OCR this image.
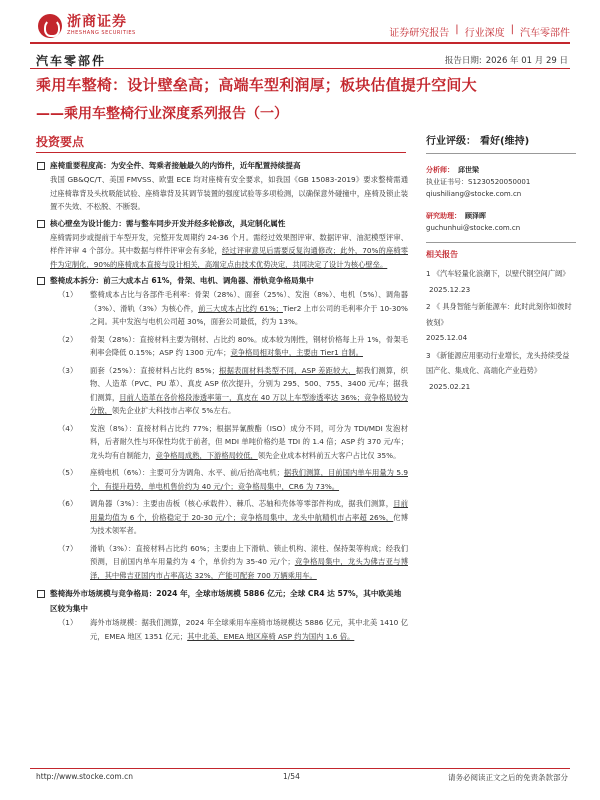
浙商证券
ZHESHANG SECURITIES	证券研究报告 | 行业深度 | 汽车零部件
汽车零部件	报告日期: 2026 年 01 月 29 日
乘用车整椅：设计壁垒高；高端车型利润厚；板块估值提升空间大
——乘用车整椅行业深度系列报告（一）
投资要点
座椅重要程度高：为安全件、驾乘者接触最久的内饰件，近年配置持续提高
我国 GB&QC/T、美国 FMVSS、欧盟 ECE 均对座椅有安全要求，如我国《GB 15083-2019》要求整椅需通过座椅靠背及头枕吸能试验、座椅靠背及其调节装置的强度试验等多项检测，以确保意外碰撞中，座椅及锁止装置不失效、不松脱、不断裂。
核心壁垒为设计能力：需与整车同步开发并经多轮修改，具定制化属性
座椅需同步或提前于车型开发，完整开发周期约 24-36 个月。需经过效果图评审、数据评审、油泥模型评审、样件评审 4 个部分。其中数据与样件评审会有多轮，经过评审意见后需要反复沟通修改；此外，70%的座椅零件为定制化，90%的座椅成本直接与设计相关，高端定点由技术优势决定，共同决定了设计为核心壁垒。
整椅成本拆分：前三大成本占 61%，骨架、电机、调角器、滑轨竞争格局集中
（1） 整椅成本占比与各部件毛利率：骨架（28%）、面套（25%）、发泡（8%）、电机（5%）、调角器（3%）、滑轨（3%）为核心件，前三大成本占比约 61%；Tier2 上市公司的毛利率介于 10-30%之间。其中发泡与电机公司超 30%，面套公司最低，约为 13%。
（2） 骨架（28%）：直接材料主要为钢材、占比约 80%。成本较为刚性，钢材价格每上升 1%，骨架毛利率会降低 0.15%；ASP 约 1300 元/车；竞争格局相对集中，主要由 Tier1 自制。
（3） 面套（25%）：直接材料占比约 85%；根据表面材料类型不同，ASP 差距较大，据我们测算，织物、人造革（PVC、PU 革）、真皮 ASP 依次提升，分别为 295、500、755、3400 元/车；据我们测算，目前人造革在各价格段渗透率第一，真皮在 40 万以上车型渗透率达 36%；竞争格局较为分散，领先企业扩大科技市占率仅 5%左右。
（4） 发泡（8%）：直接材料占比约 77%；根据异氰酸酯（ISO）成分不同，可分为 TDI/MDI 发泡材料，后者耐久性与环保性均优于前者，但 MDI 单吨价格约是 TDI 的 1.4 倍；ASP 约 370 元/车；龙头均有自制能力，竞争格局成熟，下游格局较低，领先企业成本材料前五大客户占比仅 35%。
（5） 座椅电机（6%）：主要可分为调角、水平、前/后抬高电机；据我们测算，目前国内单车用量为 5.9 个，有提升趋势，单电机售价约为 40 元/个；竞争格局集中，CR6 为 73%。
（6） 调角器（3%）：主要由齿板（核心承载件）、棘爪、芯轴和壳体等零部件构成，据我们测算，目前用量均值为 6 个，价格稳定于 20-30 元/个；竞争格局集中，龙头中航精机市占率超 26%，佗博为技术领军者。
（7） 滑轨（3%）：直接材料占比约 60%；主要由上下滑轨、锁止机构、滚柱、保持架等构成；经我们预测，目前国内单车用量约为 4 个，单价约为 35-40 元/个；竞争格局集中，龙头为佛吉亚与博泽，其中佛吉亚国内市占率高达 32%，产能可配套 700 万辆乘用车。
整椅海外市场规模与竞争格局：2024 年，全球市场规模 5886 亿元；全球 CR4 达 57%，其中欧美地区较为集中
（1） 海外市场规模：据我们测算，2024 年全球乘用车座椅市场规模达 5886 亿元，其中北美 1410 亿元，EMEA 地区 1351 亿元；其中北美、EMEA 地区座椅 ASP 约为国内 1.6 倍。
行业评级： 看好(维持)
分析师： 邱世梁
执业证书号：S1230520050001
qiushiliang@stocke.com.cn
研究助理： 顾泽晖
guchunhui@stocke.com.cn
相关报告
1 《汽车轻量化浪潮下，以壁代钢空间广阔》2025.12.23
2 《 具身智能与新能源车：此时此刻你如彼时彼刻》
2025.12.04
3 《新能源应用驱动行业增长，龙头持续受益国产化、集成化、高端化产业趋势》2025.02.21
http://www.stocke.com.cn	1/54	请务必阅读正文之后的免责条款部分
